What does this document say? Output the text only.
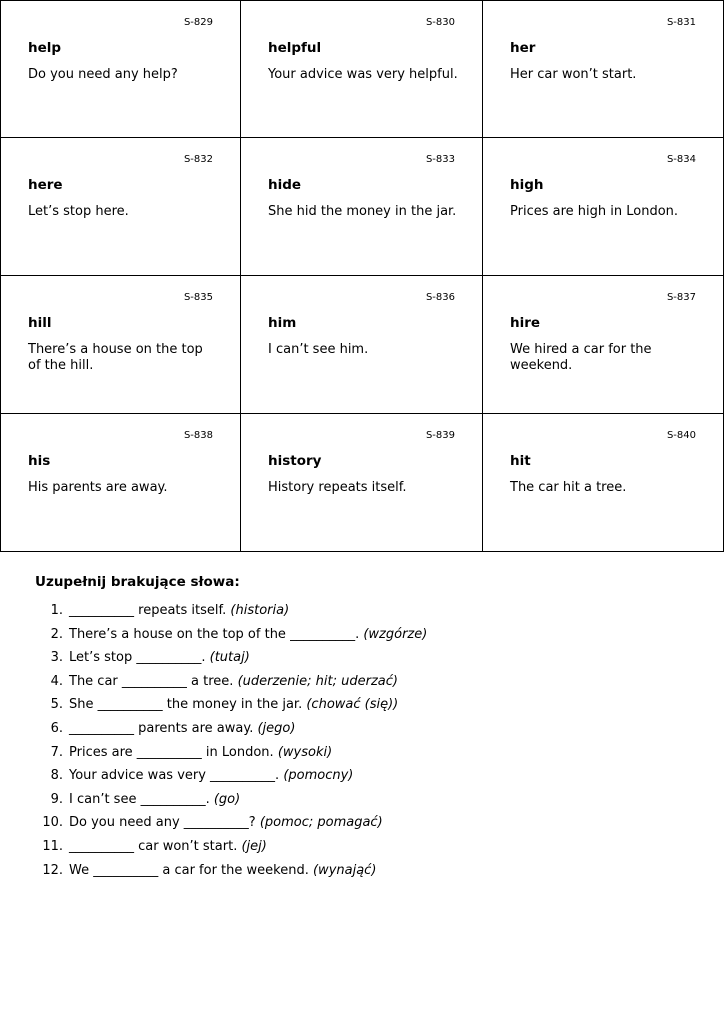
S-829
help
Do you need any help?
S-830
helpful
Your advice was very helpful.
S-831
her
Her car won’t start.
S-832
here
Let’s stop here.
S-833
hide
She hid the money in the jar.
S-834
high
Prices are high in London.
S-835
hill
There’s a house on the top of the hill.
S-836
him
I can’t see him.
S-837
hire
We hired a car for the weekend.
S-838
his
His parents are away.
S-839
history
History repeats itself.
S-840
hit
The car hit a tree.
Uzupełnij brakujące słowa:
1. __________ repeats itself. (historia)
2. There’s a house on the top of the __________. (wzgórze)
3. Let’s stop __________. (tutaj)
4. The car __________ a tree. (uderzenie; hit; uderzać)
5. She __________ the money in the jar. (chować (się))
6. __________ parents are away. (jego)
7. Prices are __________ in London. (wysoki)
8. Your advice was very __________. (pomocny)
9. I can’t see __________. (go)
10. Do you need any __________? (pomoc; pomagać)
11. __________ car won’t start. (jej)
12. We __________ a car for the weekend. (wynająć)
